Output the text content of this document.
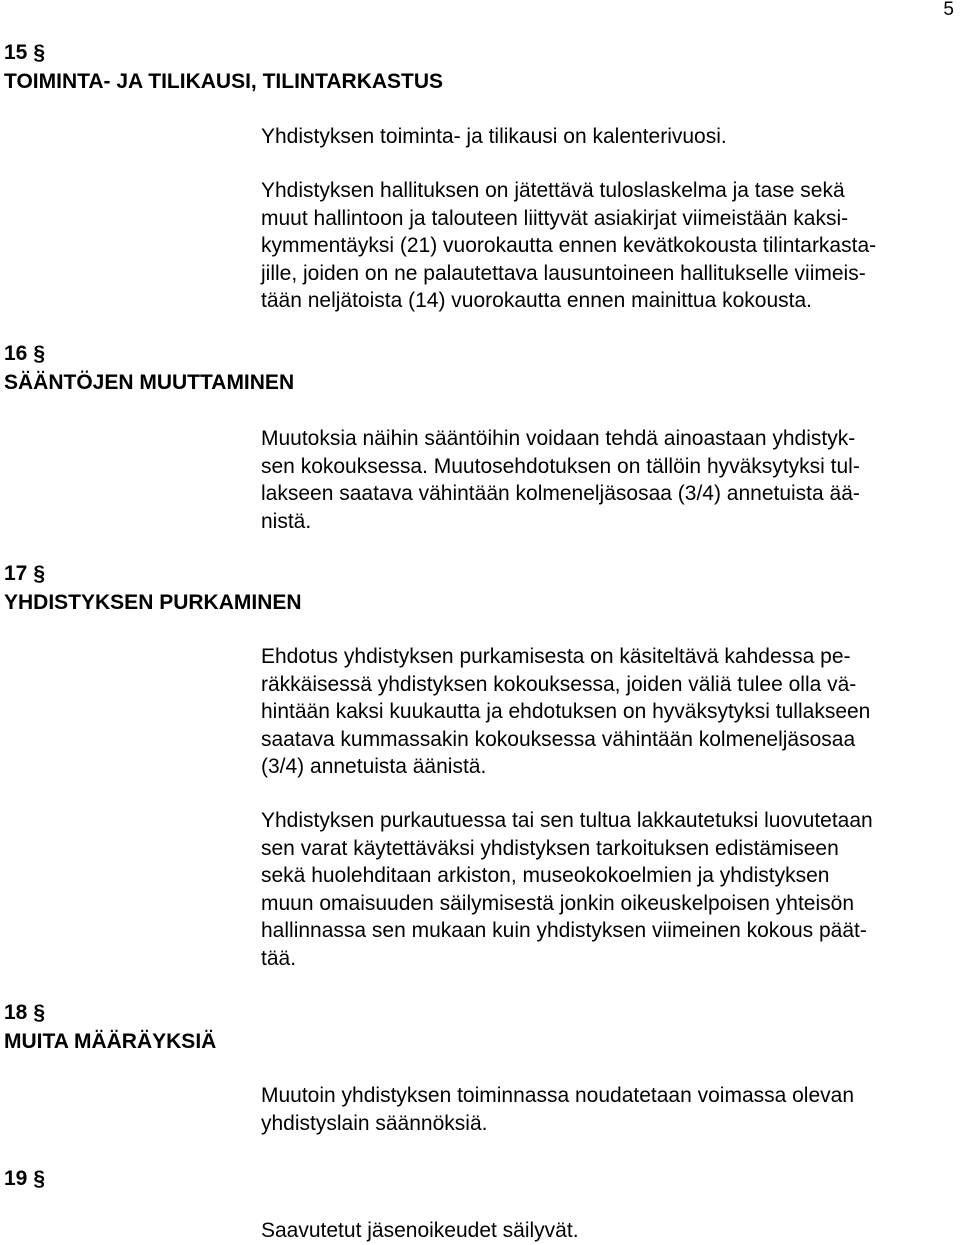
5
15 §
TOIMINTA- JA TILIKAUSI, TILINTARKASTUS
Yhdistyksen toiminta- ja tilikausi on kalenterivuosi.
Yhdistyksen hallituksen on jätettävä tuloslaskelma ja tase sekä
muut hallintoon ja talouteen liittyvät asiakirjat viimeistään kaksi-
kymmentäyksi (21) vuorokautta ennen kevätkokousta tilintarkasta-
jille, joiden on ne palautettava lausuntoineen hallitukselle viimeis-
tään neljätoista (14) vuorokautta ennen mainittua kokousta.
16 §
SÄÄNTÖJEN MUUTTAMINEN
Muutoksia näihin sääntöihin voidaan tehdä ainoastaan yhdistyk-
sen kokouksessa. Muutosehdotuksen on tällöin hyväksytyksi tul-
lakseen saatava vähintään kolmeneljäsosaa (3/4) annetuista ää-
nistä.
17 §
YHDISTYKSEN PURKAMINEN
Ehdotus yhdistyksen purkamisesta on käsiteltävä kahdessa pe-
räkkäisessä yhdistyksen kokouksessa, joiden väliä tulee olla vä-
hintään kaksi kuukautta ja ehdotuksen on hyväksytyksi tullakseen
saatava kummassakin kokouksessa vähintään kolmeneljäsosaa
(3/4) annetuista äänistä.
Yhdistyksen purkautuessa tai sen tultua lakkautetuksi luovutetaan
sen varat käytettäväksi yhdistyksen tarkoituksen edistämiseen
sekä huolehditaan arkiston, museokokoelmien ja yhdistyksen
muun omaisuuden säilymisestä jonkin oikeuskelpoisen yhteisön
hallinnassa sen mukaan kuin yhdistyksen viimeinen kokous päät-
tää.
18 §
MUITA MÄÄRÄYKSIÄ
Muutoin yhdistyksen toiminnassa noudatetaan voimassa olevan
yhdistyslain säännöksiä.
19 §
Saavutetut jäsenoikeudet säilyvät.
